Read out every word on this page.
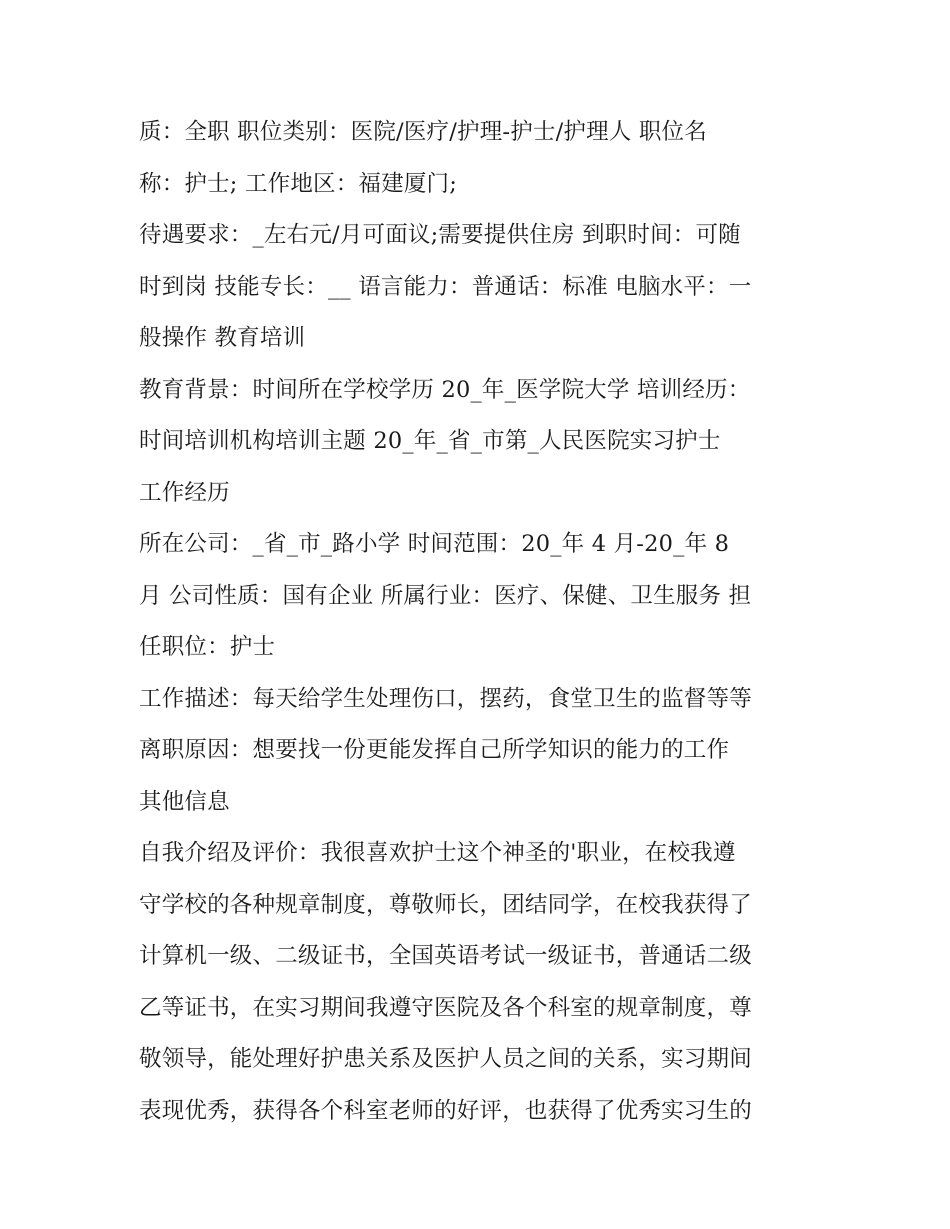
质：全职 职位类别：医院/医疗/护理-护士/护理人 职位名
称：护士; 工作地区：福建厦门;
待遇要求：_左右元/月可面议;需要提供住房 到职时间：可随
时到岗 技能专长：__ 语言能力：普通话：标准 电脑水平：一
般操作 教育培训
教育背景：时间所在学校学历 20_年_医学院大学 培训经历：
时间培训机构培训主题 20_年_省_市第_人民医院实习护士
工作经历
所在公司：_省_市_路小学 时间范围：20_年 4 月-20_年 8
月 公司性质：国有企业 所属行业：医疗、保健、卫生服务 担
任职位：护士
工作描述：每天给学生处理伤口，摆药，食堂卫生的监督等等
离职原因：想要找一份更能发挥自己所学知识的能力的工作
其他信息
自我介绍及评价：我很喜欢护士这个神圣的'职业，在校我遵
守学校的各种规章制度，尊敬师长，团结同学，在校我获得了
计算机一级、二级证书，全国英语考试一级证书，普通话二级
乙等证书，在实习期间我遵守医院及各个科室的规章制度，尊
敬领导，能处理好护患关系及医护人员之间的关系，实习期间
表现优秀，获得各个科室老师的好评，也获得了优秀实习生的
